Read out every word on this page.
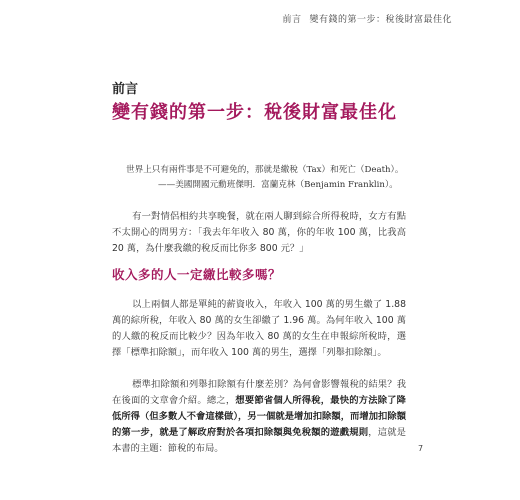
前言 變有錢的第一步：稅後財富最佳化
前言
變有錢的第一步：稅後財富最佳化
世界上只有兩件事是不可避免的，那就是繳稅（Tax）和死亡（Death）。
——美國開國元勳班傑明．富蘭克林（Benjamin Franklin）。
有一對情侶相約共享晚餐，就在兩人聊到綜合所得稅時，女方有點不太開心的問男方：「我去年年收入 80 萬，你的年收 100 萬，比我高 20 萬，為什麼我繳的稅反而比你多 800 元？」
收入多的人一定繳比較多嗎？
以上兩個人都是單純的薪資收入，年收入 100 萬的男生繳了 1.88 萬的綜所稅，年收入 80 萬的女生卻繳了 1.96 萬。為何年收入 100 萬的人繳的稅反而比較少？因為年收入 80 萬的女生在申報綜所稅時，選擇「標準扣除額」，而年收入 100 萬的男生，選擇「列舉扣除額」。
標準扣除額和列舉扣除額有什麼差別？為何會影響報稅的結果？我在後面的文章會介紹。總之，想要節省個人所得稅，最快的方法除了降低所得（但多數人不會這樣做），另一個就是增加扣除額，而增加扣除額的第一步，就是了解政府對於各項扣除額與免稅額的遊戲規則，這就是本書的主題：節稅的布局。	7
